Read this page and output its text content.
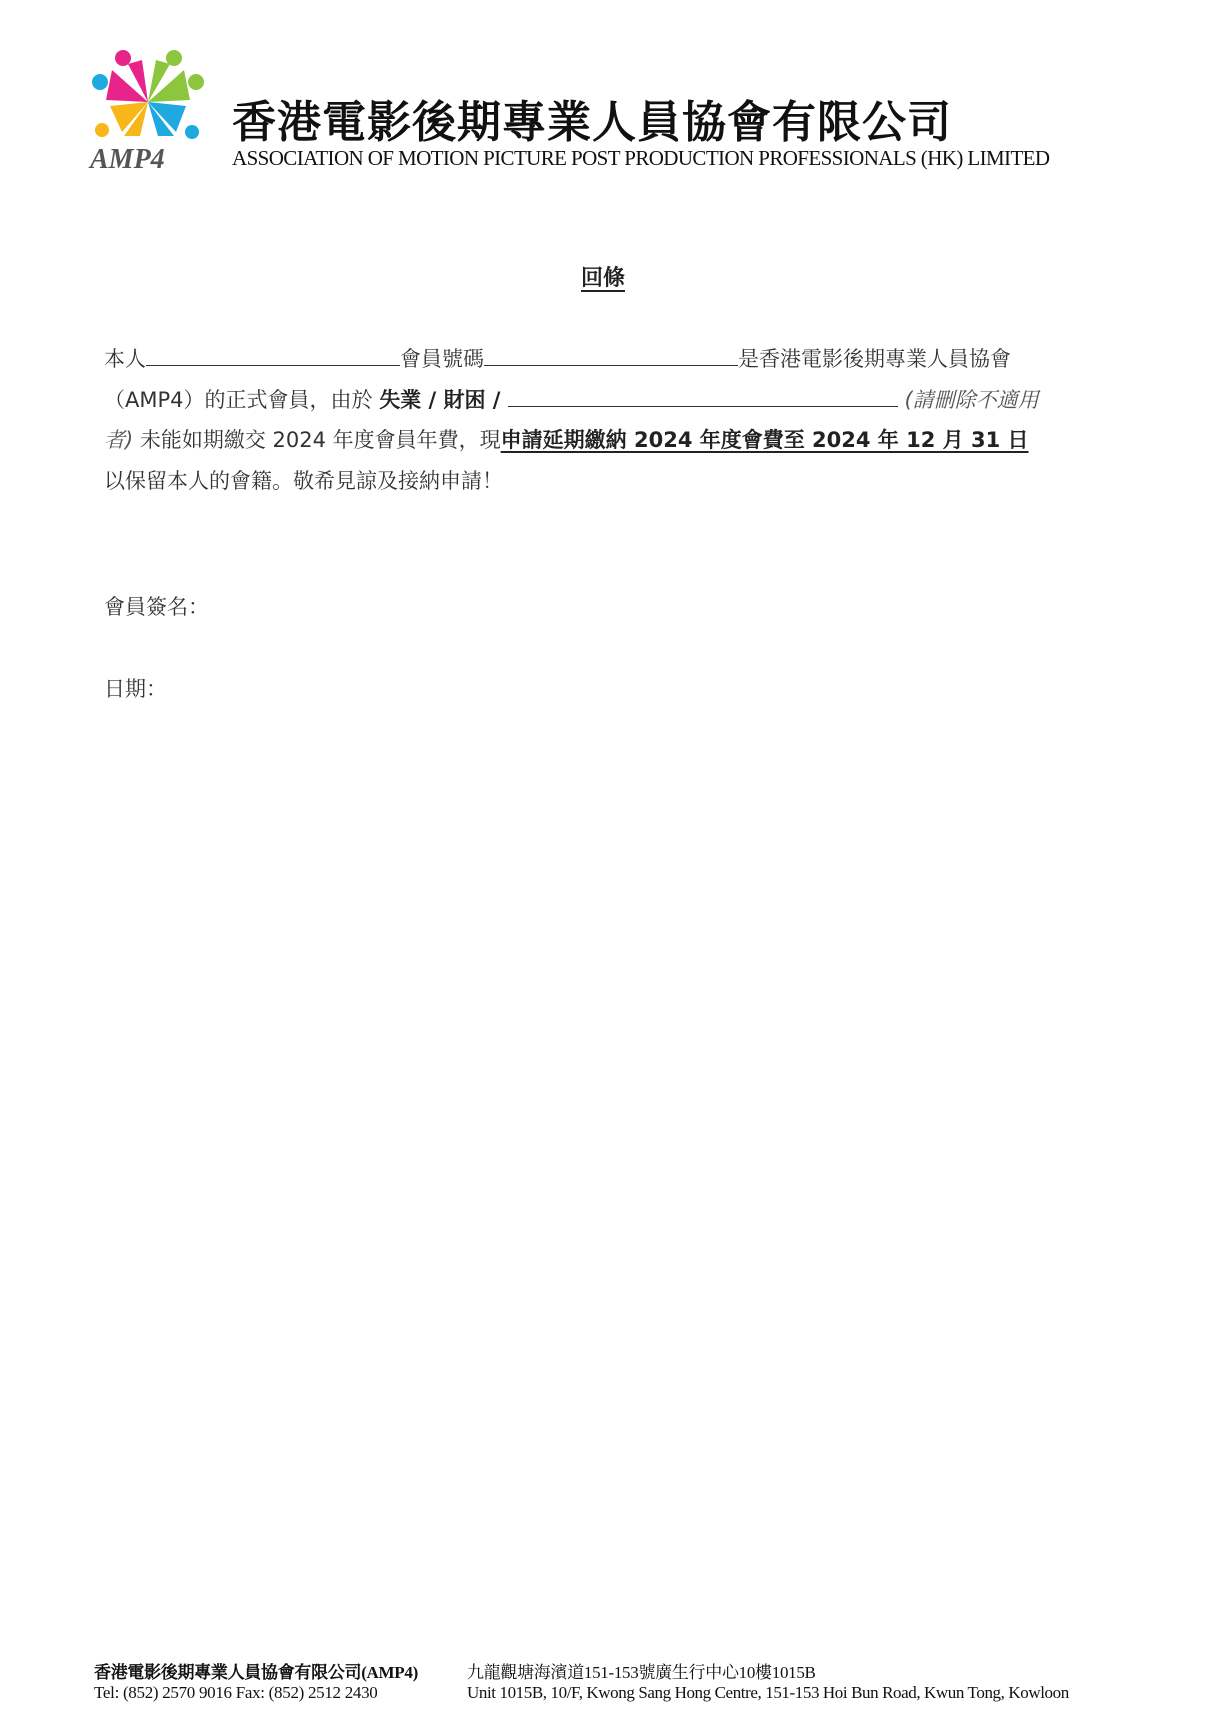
AMP4
香港電影後期專業人員協會有限公司
ASSOCIATION OF MOTION PICTURE POST PRODUCTION PROFESSIONALS (HK) LIMITED
回條
本人	會員號碼	是香港電影後期專業人員協會
（AMP4）的正式會員，由於 失業 / 財困 /	(請刪除不適用
者) 未能如期繳交 2024 年度會員年費，現申請延期繳納 2024 年度會費至 2024 年 12 月 31 日
以保留本人的會籍。敬希見諒及接納申請！
會員簽名：
日期：
香港電影後期專業人員協會有限公司(AMP4)
Tel: (852) 2570 9016 Fax: (852) 2512 2430
九龍觀塘海濱道151-153號廣生行中心10樓1015B
Unit 1015B, 10/F, Kwong Sang Hong Centre, 151-153 Hoi Bun Road, Kwun Tong, Kowloon
